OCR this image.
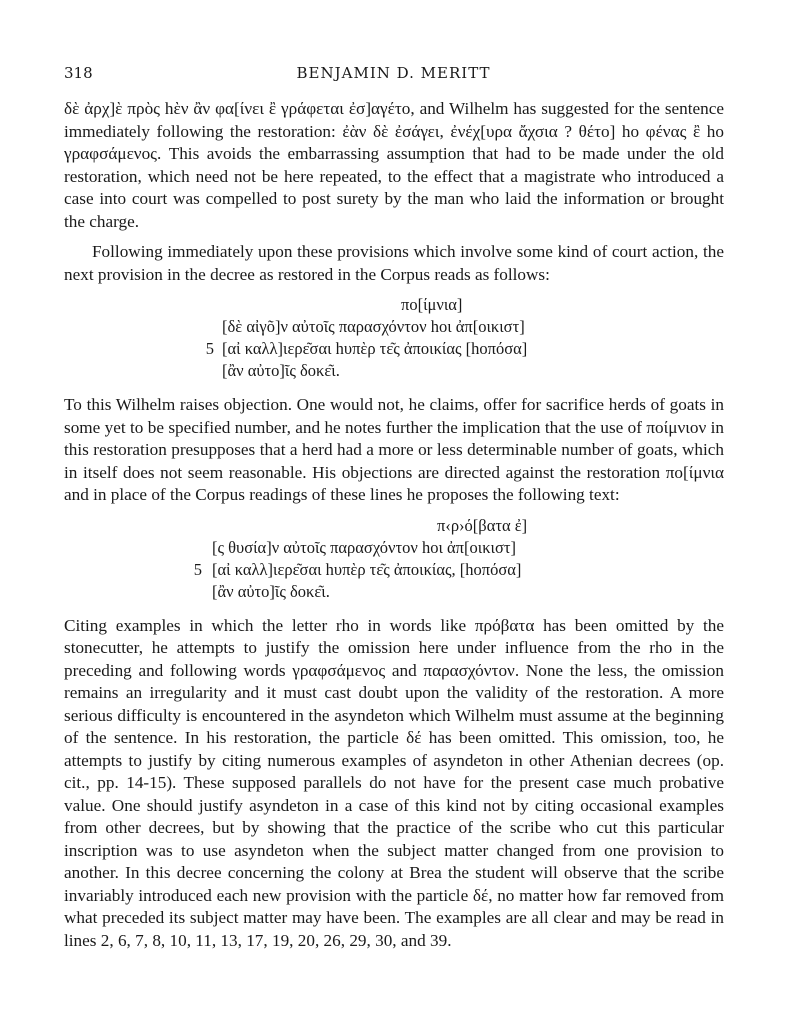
318	BENJAMIN D. MERITT

δὲ ἀρχ]ὲ πρὸς hὲν ἂν φα[ίνει ἒ γράφεται ἐσ]αγέτο, and Wilhelm has suggested for the sentence immediately following the restoration: ἐὰν δὲ ἐσάγει, ἐνέχ[υρα ἄχσια ? θέτο] hο φένας ἒ hο γραφσάμενος. This avoids the embarrassing assumption that had to be made under the old restoration, which need not be here repeated, to the effect that a magistrate who introduced a case into court was compelled to post surety by the man who laid the information or brought the charge.

Following immediately upon these provisions which involve some kind of court action, the next provision in the decree as restored in the Corpus reads as follows:

πο[ίμνια]
[δὲ αἰγõ]ν αὐτοῖς παρασχόντον hοι ἀπ[οικιστ]
5 [αἰ καλλ]ιερε͂σαι hυπὲρ τε͂ς ἀποικίας [hοπόσα]
[ἂν αὐτο]ῖς δοκε͂ι.

To this Wilhelm raises objection. One would not, he claims, offer for sacrifice herds of goats in some yet to be specified number, and he notes further the implication that the use of ποίμνιον in this restoration presupposes that a herd had a more or less determinable number of goats, which in itself does not seem reasonable. His objections are directed against the restoration πο[ίμνια and in place of the Corpus readings of these lines he proposes the following text:

π‹ρ›ό[βατα ἐ]
[ς θυσία]ν αὐτοῖς παρασχόντον hοι ἀπ[οικιστ]
5 [αἰ καλλ]ιερε͂σαι hυπὲρ τε͂ς ἀποικίας, [hοπόσα]
[ἂν αὐτο]ῖς δοκε͂ι.

Citing examples in which the letter rho in words like πρόβατα has been omitted by the stonecutter, he attempts to justify the omission here under influence from the rho in the preceding and following words γραφσάμενος and παρασχόντον. None the less, the omission remains an irregularity and it must cast doubt upon the validity of the restoration. A more serious difficulty is encountered in the asyndeton which Wilhelm must assume at the beginning of the sentence. In his restoration, the particle δέ has been omitted. This omission, too, he attempts to justify by citing numerous examples of asyndeton in other Athenian decrees (op. cit., pp. 14-15). These supposed parallels do not have for the present case much probative value. One should justify asyndeton in a case of this kind not by citing occasional examples from other decrees, but by showing that the practice of the scribe who cut this particular inscription was to use asyndeton when the subject matter changed from one provision to another. In this decree concerning the colony at Brea the student will observe that the scribe invariably introduced each new provision with the particle δέ, no matter how far removed from what preceded its subject matter may have been. The examples are all clear and may be read in lines 2, 6, 7, 8, 10, 11, 13, 17, 19, 20, 26, 29, 30, and 39.
